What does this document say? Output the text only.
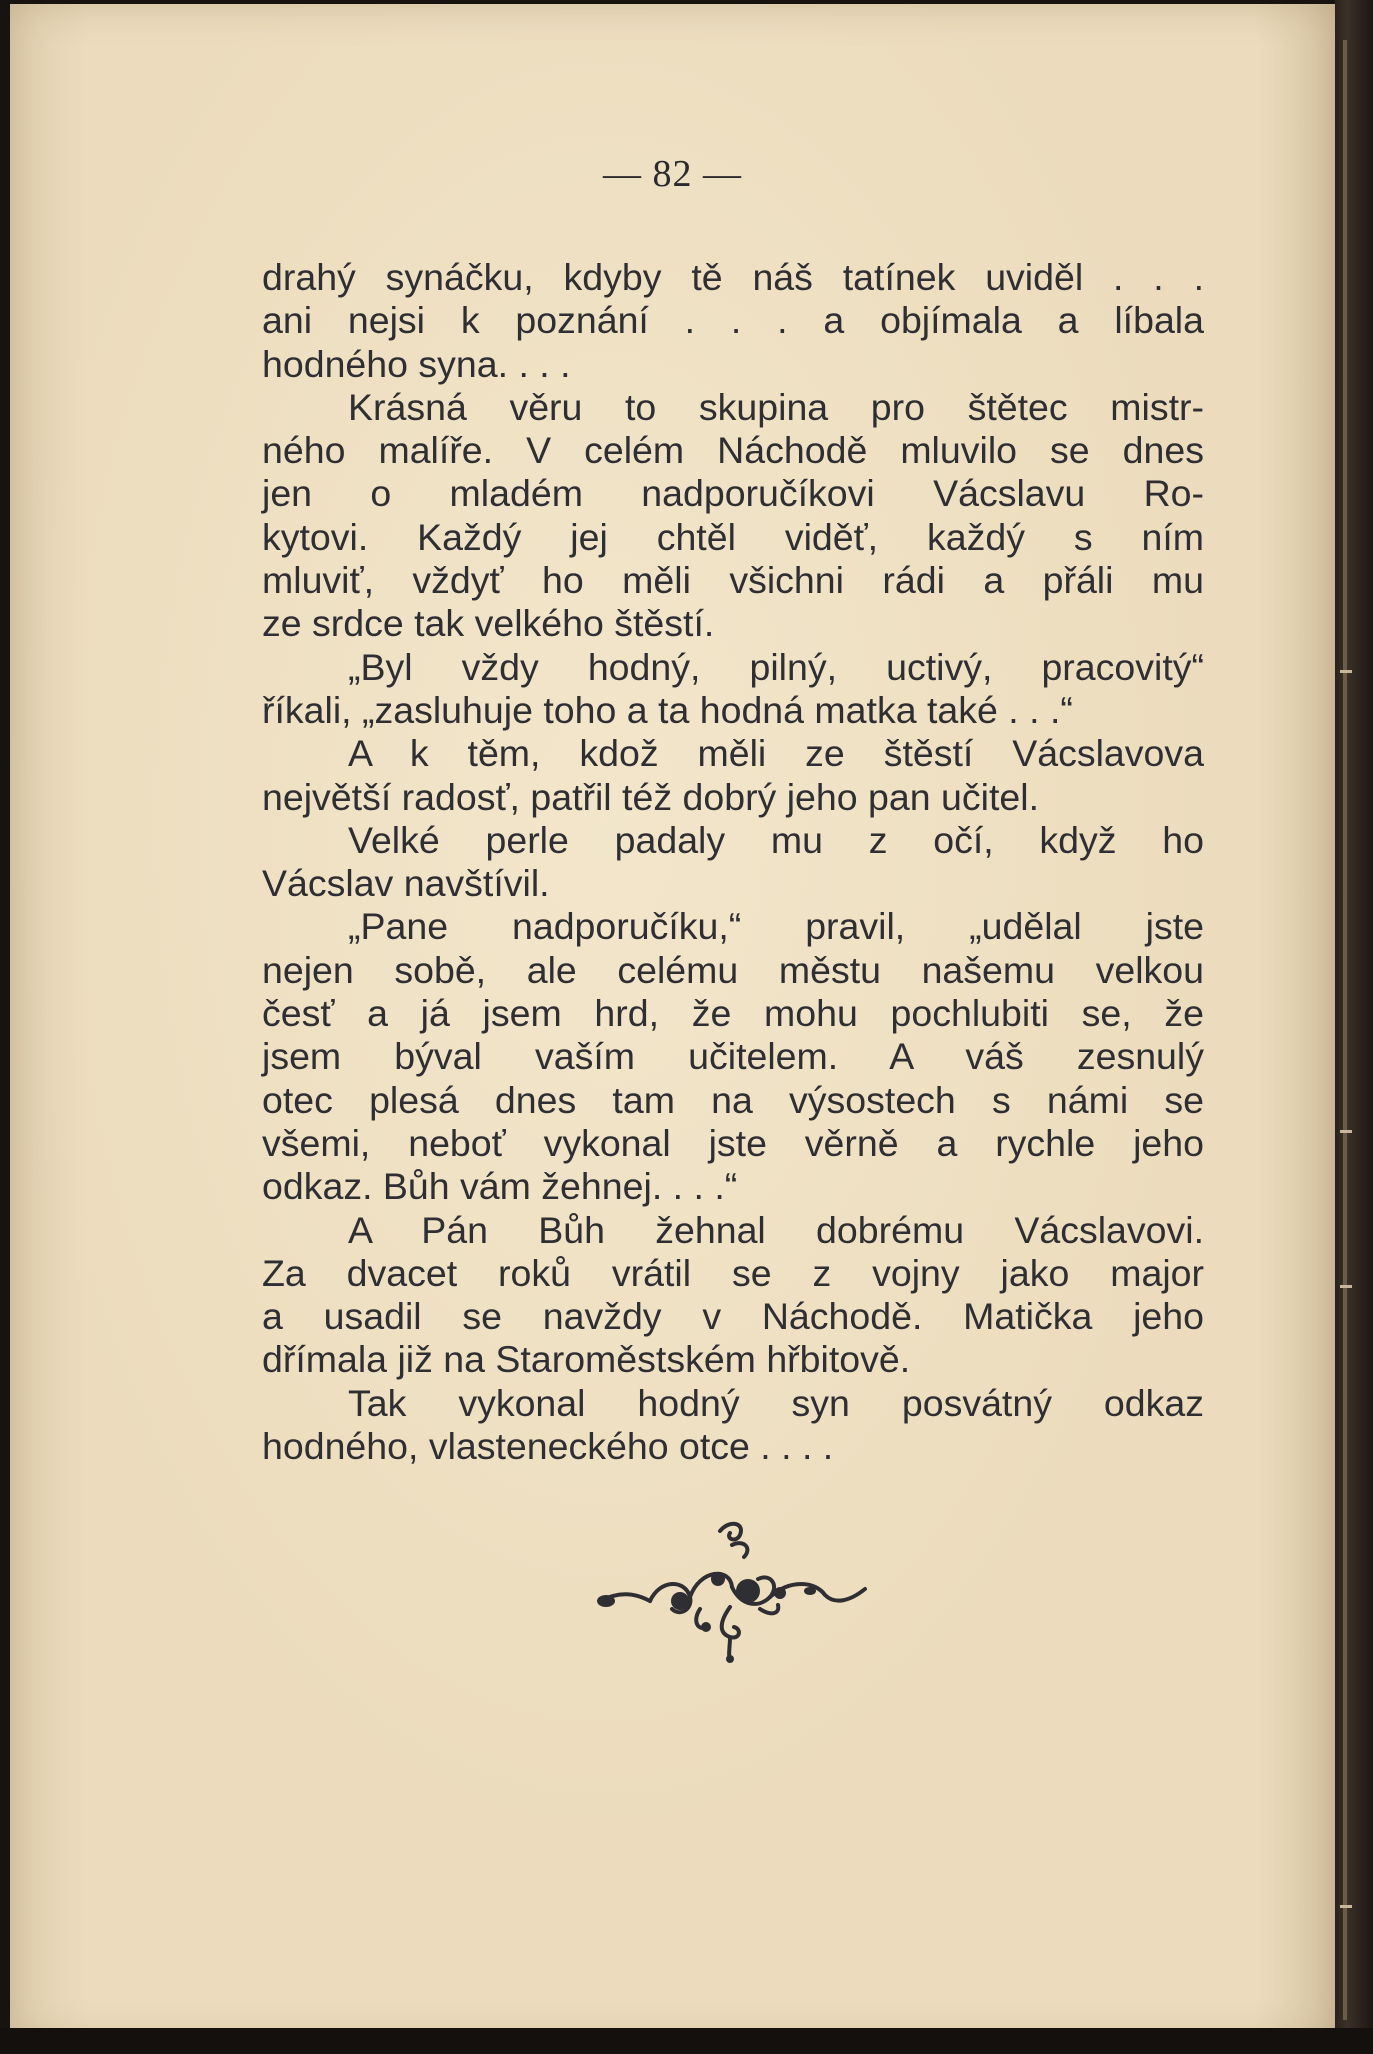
— 82 —
drahý synáčku, kdyby tě náš tatínek uviděl . . .
ani nejsi k poznání . . . a objímala a líbala
hodného syna. . . .
Krásná věru to skupina pro štětec mistr-
ného malíře. V celém Náchodě mluvilo se dnes
jen o mladém nadporučíkovi Vácslavu Ro-
kytovi. Každý jej chtěl viděť, každý s ním
mluviť, vždyť ho měli všichni rádi a přáli mu
ze srdce tak velkého štěstí.
„Byl vždy hodný, pilný, uctivý, pracovitý“
říkali, „zasluhuje toho a ta hodná matka také . . .“
A k těm, kdož měli ze štěstí Vácslavova
největší radosť, patřil též dobrý jeho pan učitel.
Velké perle padaly mu z očí, když ho
Vácslav navštívil.
„Pane nadporučíku,“ pravil, „udělal jste
nejen sobě, ale celému městu našemu velkou
česť a já jsem hrd, že mohu pochlubiti se, že
jsem býval vaším učitelem. A váš zesnulý
otec plesá dnes tam na výsostech s námi se
všemi, neboť vykonal jste věrně a rychle jeho
odkaz. Bůh vám žehnej. . . .“
A Pán Bůh žehnal dobrému Vácslavovi.
Za dvacet roků vrátil se z vojny jako major
a usadil se navždy v Náchodě. Matička jeho
dřímala již na Staroměstském hřbitově.
Tak vykonal hodný syn posvátný odkaz
hodného, vlasteneckého otce . . . .
